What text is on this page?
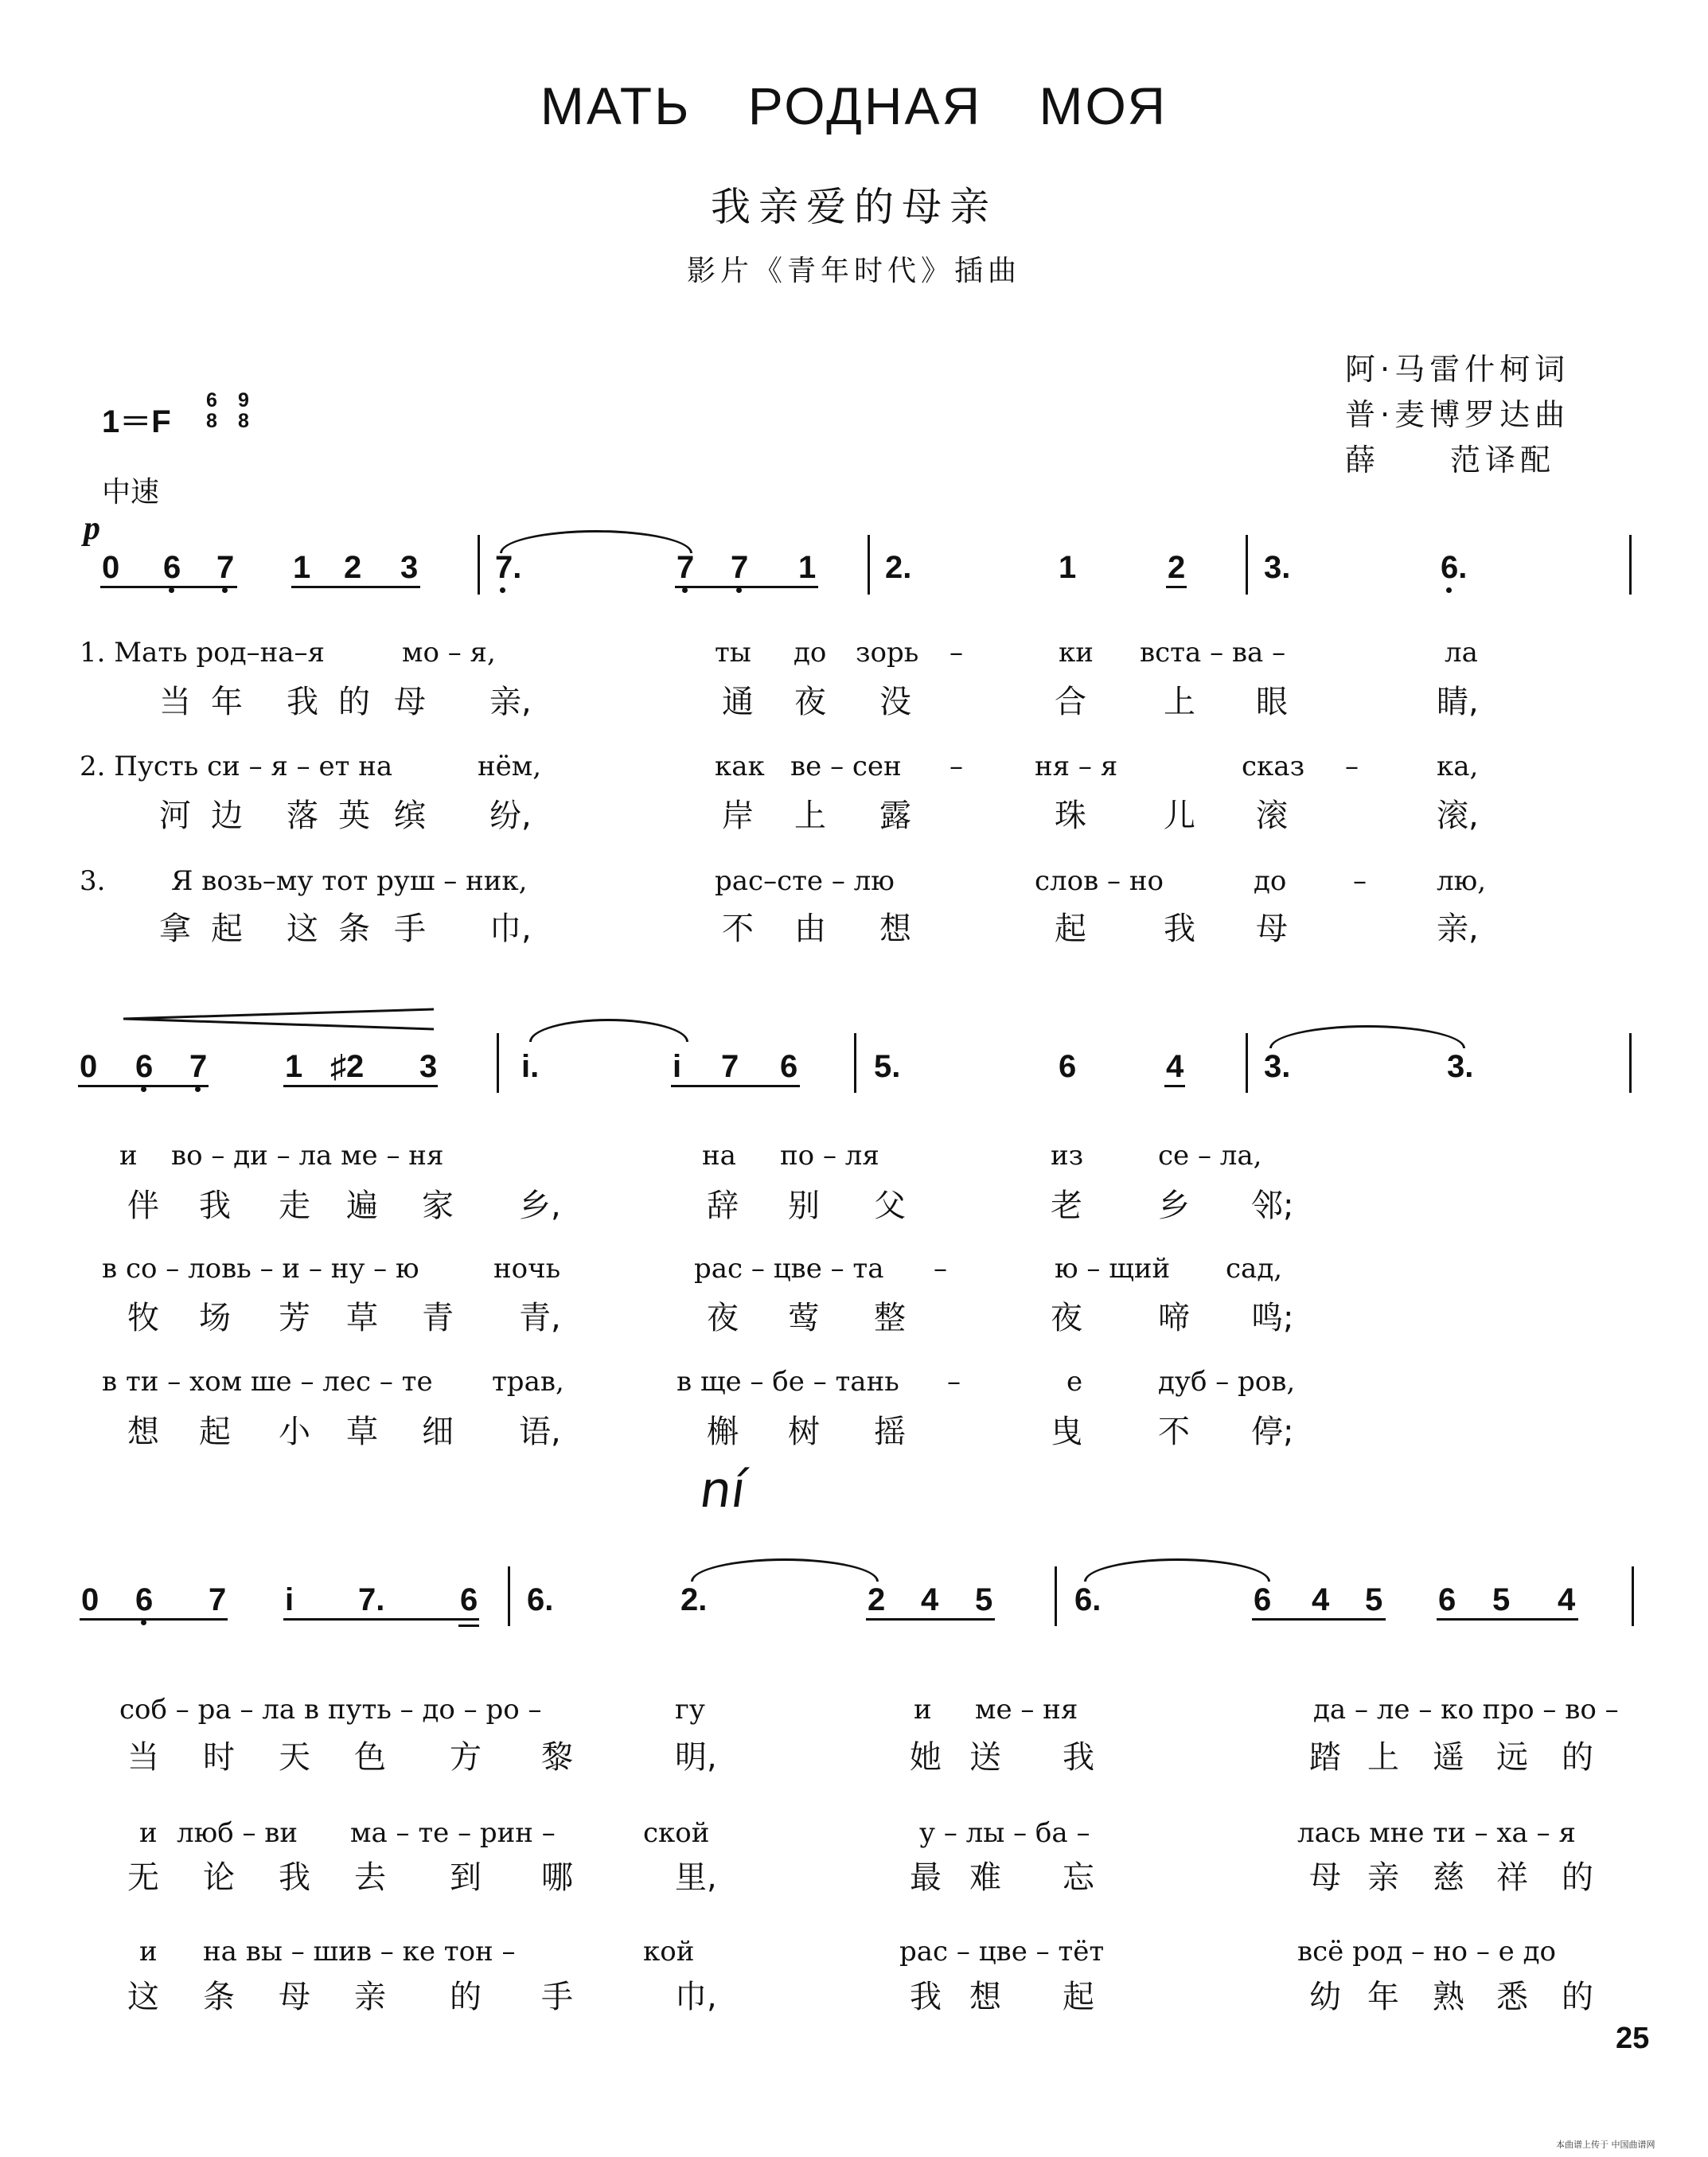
МАТЬ РОДНАЯ МОЯ
我亲爱的母亲
影片《青年时代》插曲
阿·马雷什柯词
普·麦博罗达曲
薛　　范译配
1＝F
6
8
9
8
中速
p
0 6 7 1 2 3 7.	7 7 1 2.	1	2 3.	6.
1. Мать род–на–я	мо – я,	ты до зорь –	ки вста – ва –	ла
当 年 我 的 母 亲,	通 夜 没	合 上 眼	睛,
2. Пусть си – я – ет на	нём,	как ве – сен –	ня – я	сказ –	ка,
河 边 落 英 缤 纷,	岸 上 露	珠 儿 滚	滚,
3. Я возь–му тот руш – ник,	рас–сте – лю	слов – но	до –	лю,
拿 起 这 条 手 巾,	不 由 想	起 我 母	亲,
0 6 7 1 ♯2 3	i.	i 7 6 5.	6	4	3.	3.
и во – ди – ла ме – ня	на по – ля	из	се – ла,
伴 我 走 遍 家 乡,	辞 别 父	老 乡 邻;
в со – ловь – и – ну – ю	ночь	рас – цве – та –	ю – щий сад,
牧 场 芳 草 青 青,	夜 莺 整	夜 啼 鸣;
в ти – хом ше – лес – те трав,	в ще – бе – тань –	е	дуб – ров,
想 起 小 草 细 语,	槲 树 摇	曳 不 停;
ní
0 6 7 i 7. 6 6.	2.	2 4 5	6.	6 4 5 6 5 4
соб – ра – ла в путь – до – ро –	гу	и ме – ня	да – ле – ко про – во –
当 时 天 色 方 黎	明,	她 送 我	踏 上 遥 远 的
и люб – ви ма – те – рин –	ской	у – лы – ба –	лась мне ти – ха – я
无 论 我 去 到 哪	里,	最 难 忘	母 亲 慈 祥 的
и на вы – шив – ке тон –	кой	рас – цве – тёт	всё род – но – е до
这 条 母 亲 的 手	巾,	我 想 起	幼 年 熟 悉 的
25
本曲谱上传于 中国曲谱网
